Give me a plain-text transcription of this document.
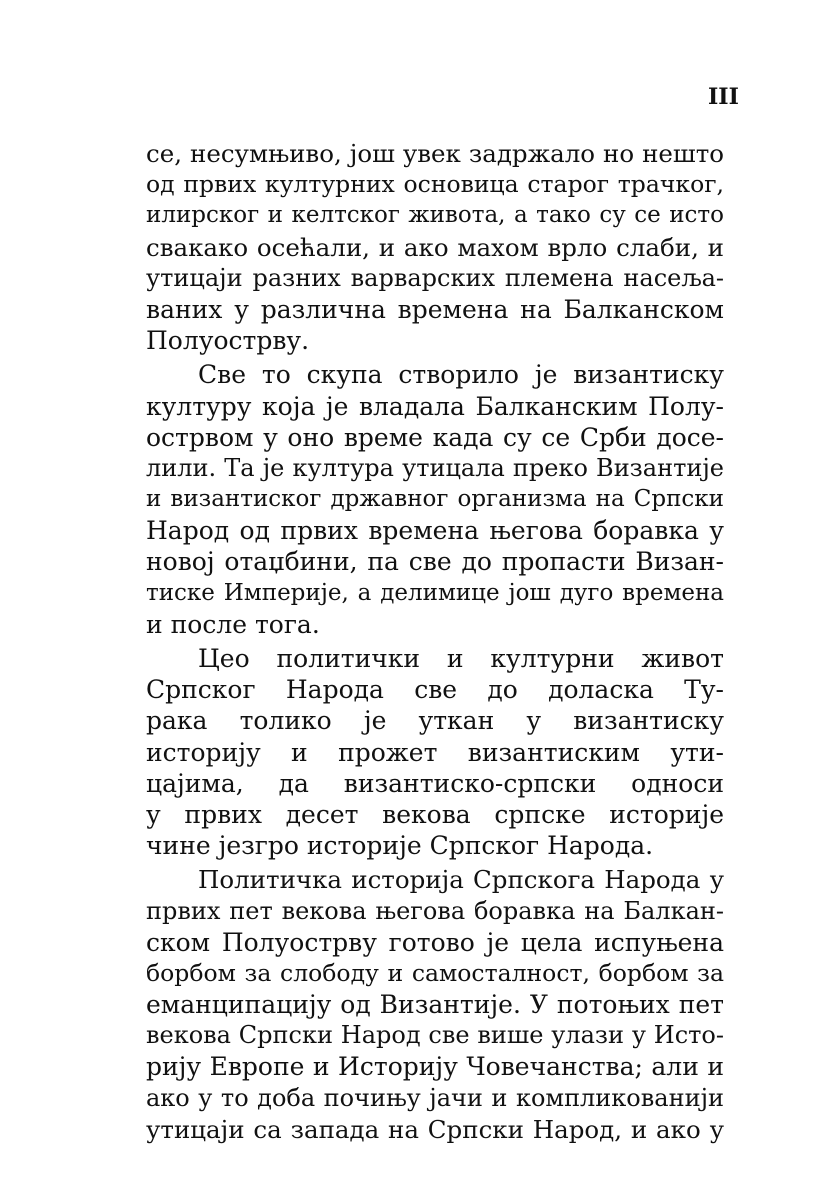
III
се, несумњиво, још увек задржало но нешто
од првих културних основица старог трачког,
илирског и келтског живота, а тако су се исто
свакако осећали, и ако махом врло слаби, и
утицаји разних варварских племена насеља-
ваних у различна времена на Балканском
Полуострву.
Све то скупа створило је византиску
културу која је владала Балканским Полу-
острвом у оно време када су се Срби досе-
лили. Та је култура утицала преко Византије
и византиског државног организма на Српски
Народ од првих времена његова боравка у
новој отаџбини, па све до пропасти Визан-
тиске Империје, а делимице још дуго времена
и после тога.
Цео политички и културни живот
Српског Народа све до доласка Ту-
рака толико је уткан у византиску
историју и прожет византиским ути-
цајима, да византиско-српски односи
у првих десет векова српске историје
чине језгро историје Српског Народа.
Политичка историја Српскога Народа у
првих пет векова његова боравка на Балкан-
ском Полуострву готово је цела испуњена
борбом за слободу и самосталност, борбом за
еманципацију од Византије. У потоњих пет
векова Српски Народ све више улази у Исто-
рију Европе и Историју Човечанства; али и
ако у то доба почињу јачи и компликованији
утицаји са запада на Српски Народ, и ако у
